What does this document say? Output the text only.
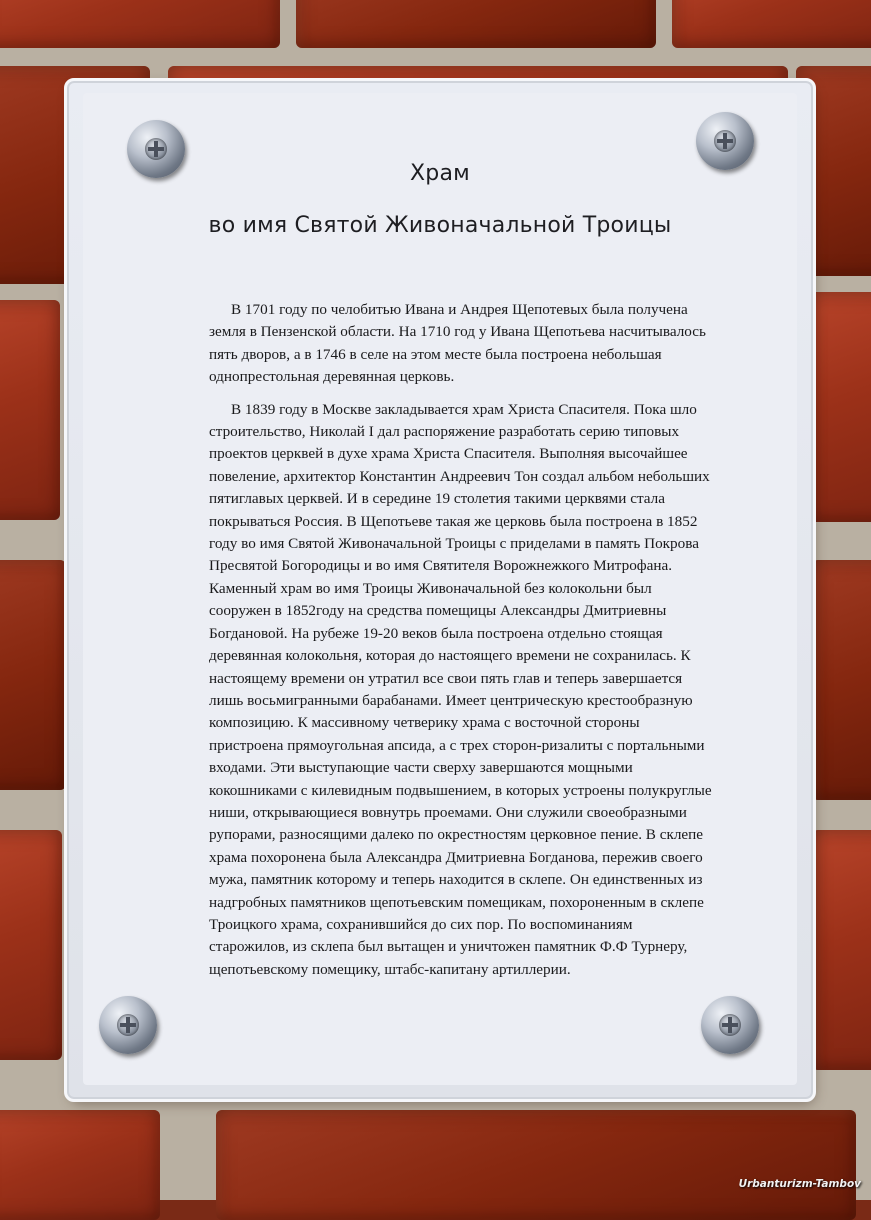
Храм
во имя Святой Живоначальной Троицы
В 1701 году по челобитью Ивана и Андрея Щепотевых была получена
земля в Пензенской области. На 1710 год у Ивана Щепотьева насчитывалось
пять дворов, а в 1746 в селе на этом месте была построена небольшая
однопрестольная деревянная церковь.
В 1839 году в Москве закладывается храм Христа Спасителя. Пока шло
строительство, Николай I дал распоряжение разработать серию типовых
проектов церквей в духе храма Христа Спасителя. Выполняя высочайшее
повеление, архитектор Константин Андреевич Тон создал альбом небольших
пятиглавых церквей. И в середине 19 столетия такими церквями стала
покрываться Россия. В Щепотьеве такая же церковь была построена в 1852
году во имя Святой Живоначальной Троицы с приделами в память Покрова
Пресвятой Богородицы и во имя Святителя Ворожнежкого Митрофана.
Каменный храм во имя Троицы Живоначальной без колокольни был
сооружен в 1852году на средства помещицы Александры Дмитриевны
Богдановой. На рубеже 19-20 веков была построена отдельно стоящая
деревянная колокольня, которая до настоящего времени не сохранилась. К
настоящему времени он утратил все свои пять глав и теперь завершается
лишь восьмигранными барабанами. Имеет центрическую крестообразную
композицию. К массивному четверику храма с восточной стороны
пристроена прямоугольная апсида, а с трех сторон-ризалиты с портальными
входами. Эти выступающие части сверху завершаются мощными
кокошниками с килевидным подвышением, в которых устроены полукруглые
ниши, открывающиеся вовнутрь проемами. Они служили своеобразными
рупорами, разносящими далеко по окрестностям церковное пение. В склепе
храма похоронена была Александра Дмитриевна Богданова, пережив своего
мужа, памятник которому и теперь находится в склепе. Он единственных из
надгробных памятников щепотьевским помещикам, похороненным в склепе
Троицкого храма, сохранившийся до сих пор. По воспоминаниям
старожилов, из склепа был вытащен и уничтожен памятник Ф.Ф Турнеру,
щепотьевскому помещику, штабс-капитану артиллерии.
Urbanturizm-Tambov
